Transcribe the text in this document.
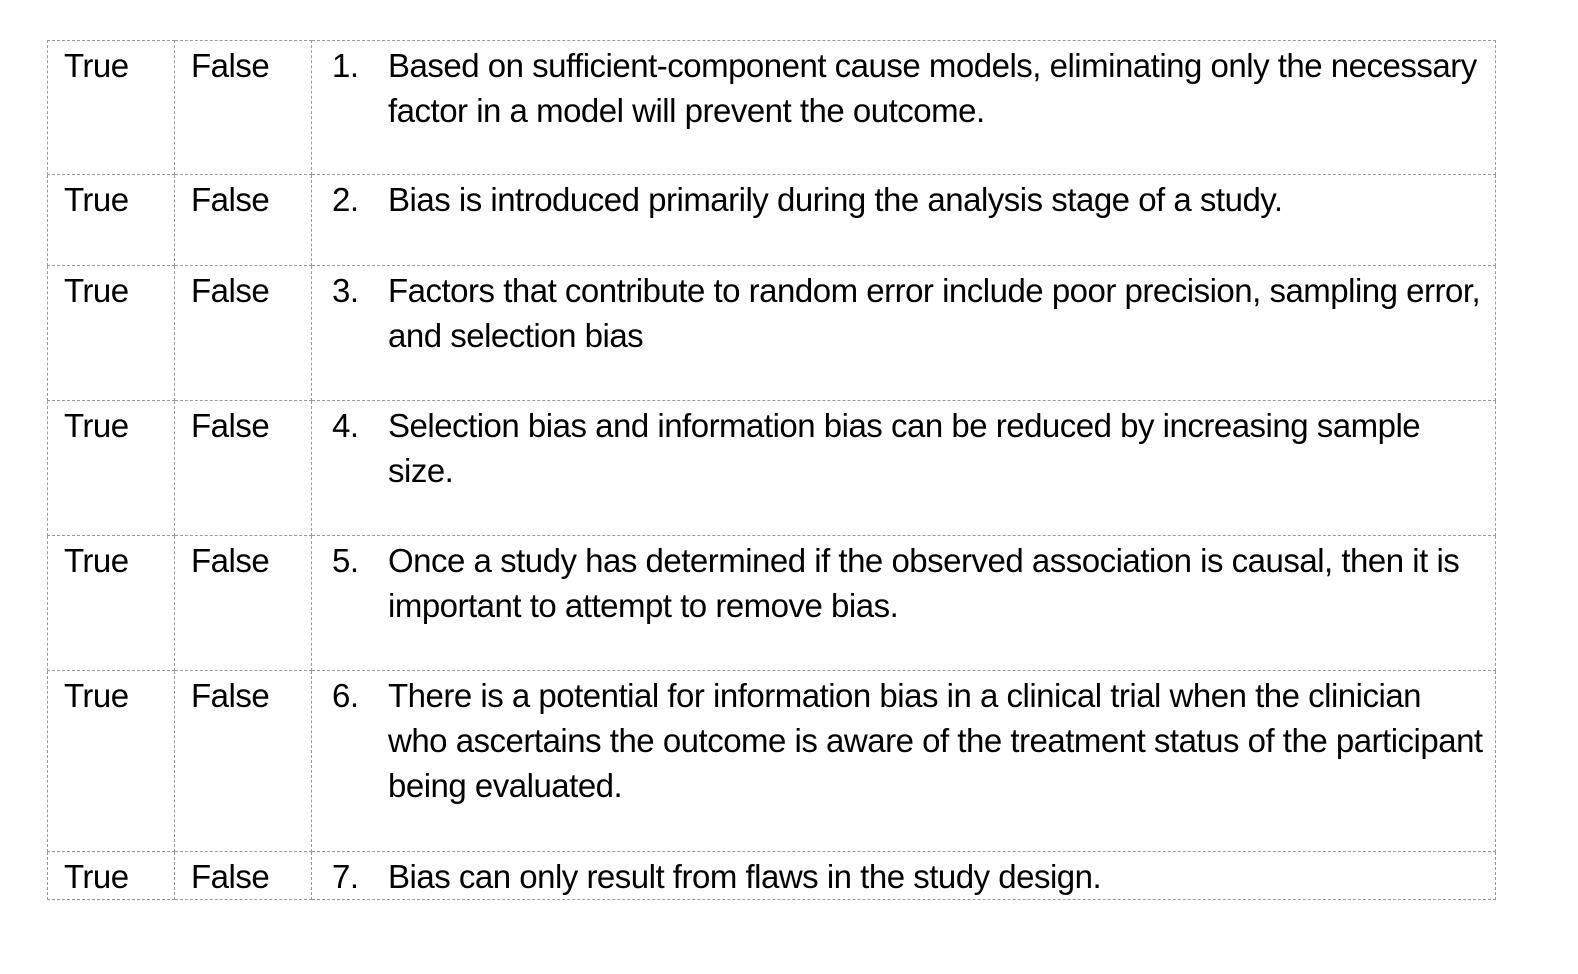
True	False	1. Based on sufficient-component cause models, eliminating only the necessary factor in a model will prevent the outcome.

True	False	2. Bias is introduced primarily during the analysis stage of a study.

True	False	3. Factors that contribute to random error include poor precision, sampling error, and selection bias

True	False	4. Selection bias and information bias can be reduced by increasing sample size.

True	False	5. Once a study has determined if the observed association is causal, then it is important to attempt to remove bias.

True	False	6. There is a potential for information bias in a clinical trial when the clinician who ascertains the outcome is aware of the treatment status of the participant being evaluated.

True	False	7. Bias can only result from flaws in the study design.
